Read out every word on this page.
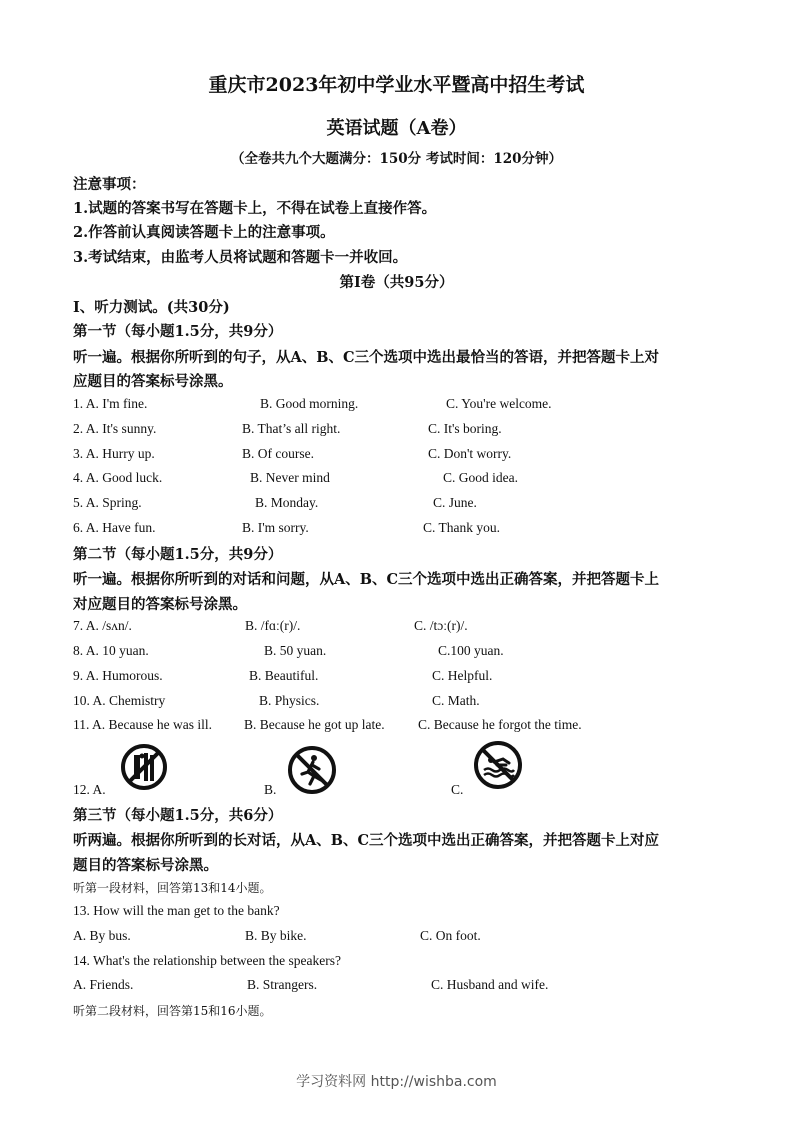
重庆市2023年初中学业水平暨高中招生考试
英语试题（A卷）
（全卷共九个大题满分：150分 考试时间：120分钟）
注意事项：
1.试题的答案书写在答题卡上，不得在试卷上直接作答。
2.作答前认真阅读答题卡上的注意事项。
3.考试结束，由监考人员将试题和答题卡一并收回。
第Ⅰ卷（共95分）
Ⅰ、听力测试。(共30分)
第一节（每小题1.5分，共9分）
听一遍。根据你所听到的句子，从A、B、C三个选项中选出最恰当的答语，并把答题卡上对
应题目的答案标号涂黑。
1. A. I'm fine.	B. Good morning.	C. You're welcome.
2. A. It's sunny.	B. That’s all right.	C. It's boring.
3. A. Hurry up.	B. Of course.	C. Don't worry.
4. A. Good luck.	B. Never mind	C. Good idea.
5. A. Spring.	B. Monday.	C. June.
6. A. Have fun.	B. I'm sorry.	C. Thank you.
第二节（每小题1.5分，共9分）
听一遍。根据你所听到的对话和问题，从A、B、C三个选项中选出正确答案，并把答题卡上
对应题目的答案标号涂黑。
7. A. /sʌn/.	B. /fɑː(r)/.	C. /tɔː(r)/.
8. A. 10 yuan.	B. 50 yuan.	C.100 yuan.
9. A. Humorous.	B. Beautiful.	C. Helpful.
10. A. Chemistry	B. Physics.	C. Math.
11. A. Because he was ill. B. Because he got up late. C. Because he forgot the time.
12. A.	B.	C.
第三节（每小题1.5分，共6分）
听两遍。根据你所听到的长对话，从A、B、C三个选项中选出正确答案，并把答题卡上对应
题目的答案标号涂黑。
听第一段材料，回答第13和14小题。
13. How will the man get to the bank?
A. By bus.	B. By bike.	C. On foot.
14. What's the relationship between the speakers?
A. Friends.	B. Strangers.	C. Husband and wife.
听第二段材料，回答第15和16小题。
学习资料网 http://wishba.com
